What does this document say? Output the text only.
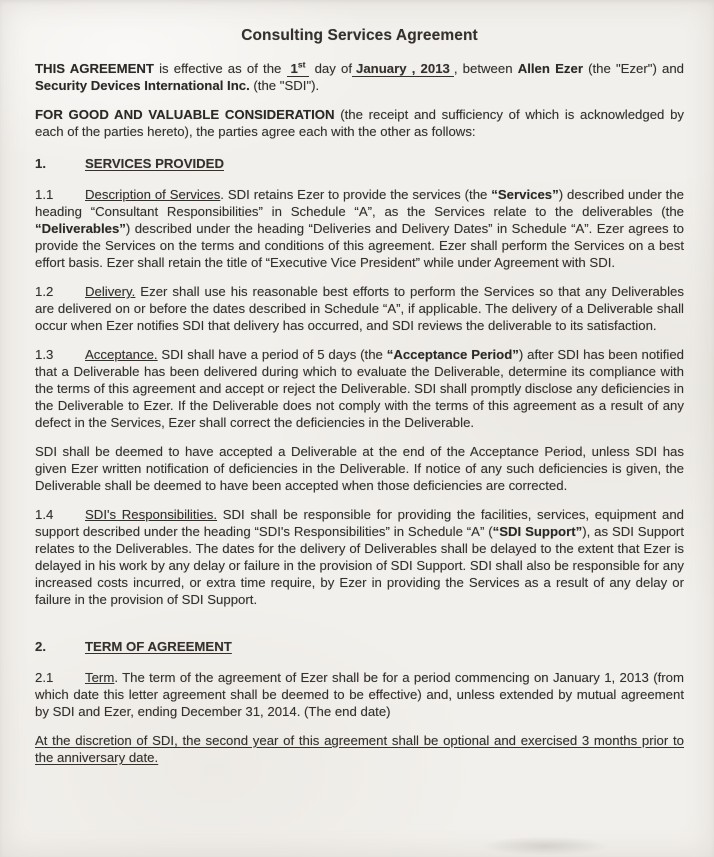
Consulting Services Agreement

THIS AGREEMENT is effective as of the 1st day of January , 2013 , between Allen Ezer (the "Ezer") and Security Devices International Inc. (the "SDI").

FOR GOOD AND VALUABLE CONSIDERATION (the receipt and sufficiency of which is acknowledged by each of the parties hereto), the parties agree each with the other as follows:

1.	SERVICES PROVIDED

1.1 Description of Services. SDI retains Ezer to provide the services (the “Services”) described under the heading “Consultant Responsibilities” in Schedule “A”, as the Services relate to the deliverables (the “Deliverables”) described under the heading “Deliveries and Delivery Dates” in Schedule “A”. Ezer agrees to provide the Services on the terms and conditions of this agreement. Ezer shall perform the Services on a best effort basis. Ezer shall retain the title of “Executive Vice President” while under Agreement with SDI.

1.2 Delivery. Ezer shall use his reasonable best efforts to perform the Services so that any Deliverables are delivered on or before the dates described in Schedule “A”, if applicable. The delivery of a Deliverable shall occur when Ezer notifies SDI that delivery has occurred, and SDI reviews the deliverable to its satisfaction.

1.3 Acceptance. SDI shall have a period of 5 days (the “Acceptance Period”) after SDI has been notified that a Deliverable has been delivered during which to evaluate the Deliverable, determine its compliance with the terms of this agreement and accept or reject the Deliverable. SDI shall promptly disclose any deficiencies in the Deliverable to Ezer. If the Deliverable does not comply with the terms of this agreement as a result of any defect in the Services, Ezer shall correct the deficiencies in the Deliverable.

SDI shall be deemed to have accepted a Deliverable at the end of the Acceptance Period, unless SDI has given Ezer written notification of deficiencies in the Deliverable. If notice of any such deficiencies is given, the Deliverable shall be deemed to have been accepted when those deficiencies are corrected.

1.4 SDI's Responsibilities. SDI shall be responsible for providing the facilities, services, equipment and support described under the heading “SDI's Responsibilities” in Schedule “A” (“SDI Support”), as SDI Support relates to the Deliverables. The dates for the delivery of Deliverables shall be delayed to the extent that Ezer is delayed in his work by any delay or failure in the provision of SDI Support. SDI shall also be responsible for any increased costs incurred, or extra time require, by Ezer in providing the Services as a result of any delay or failure in the provision of SDI Support.

2.	TERM OF AGREEMENT

2.1 Term. The term of the agreement of Ezer shall be for a period commencing on January 1, 2013 (from which date this letter agreement shall be deemed to be effective) and, unless extended by mutual agreement by SDI and Ezer, ending December 31, 2014. (The end date)

At the discretion of SDI, the second year of this agreement shall be optional and exercised 3 months prior to the anniversary date.
